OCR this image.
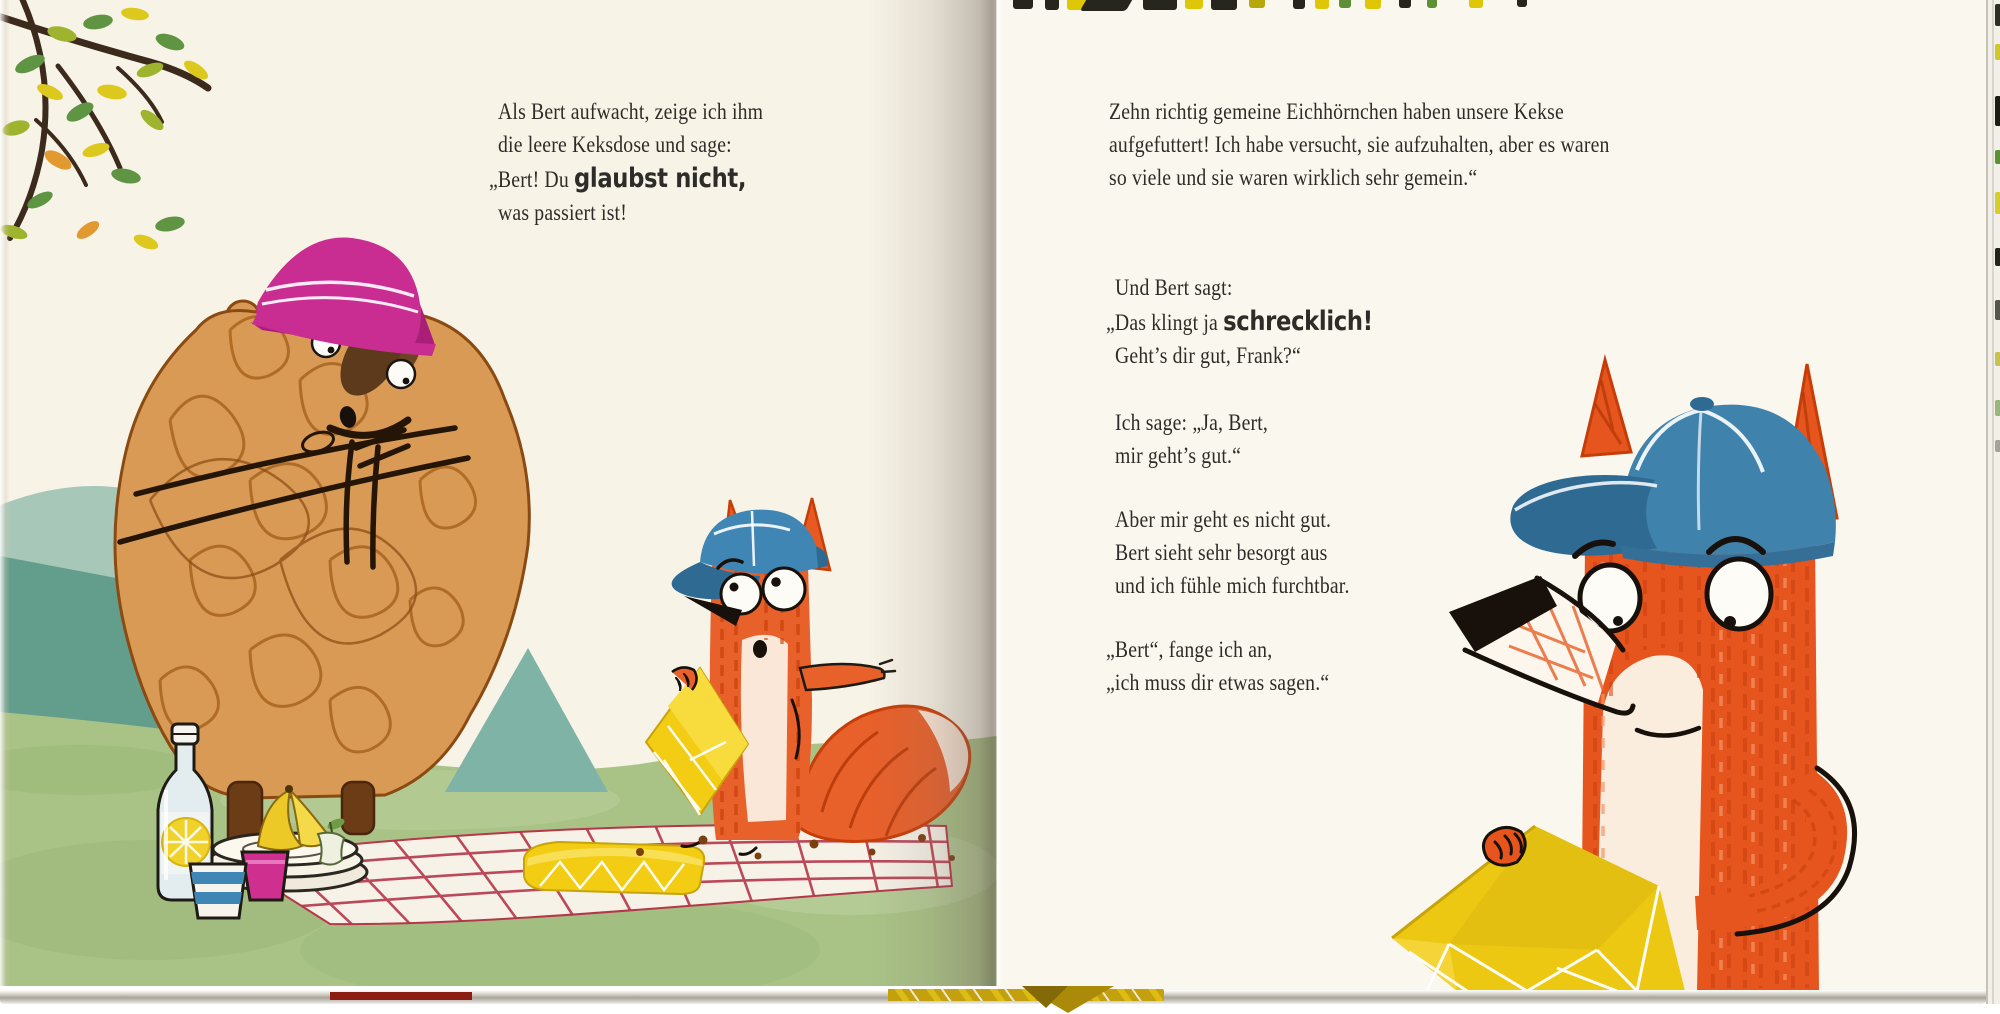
Als Bert aufwacht, zeige ich ihm
die leere Keksdose und sage:
„Bert! Du glaubst nicht,
was passiert ist!
Zehn richtig gemeine Eichhörnchen haben unsere Kekse
aufgefuttert! Ich habe versucht, sie aufzuhalten, aber es waren
so viele und sie waren wirklich sehr gemein.“
Und Bert sagt:
„Das klingt ja schrecklich!
Geht’s dir gut, Frank?“
Ich sage: „Ja, Bert,
mir geht’s gut.“
Aber mir geht es nicht gut.
Bert sieht sehr besorgt aus
und ich fühle mich furchtbar.
„Bert“, fange ich an,
„ich muss dir etwas sagen.“
